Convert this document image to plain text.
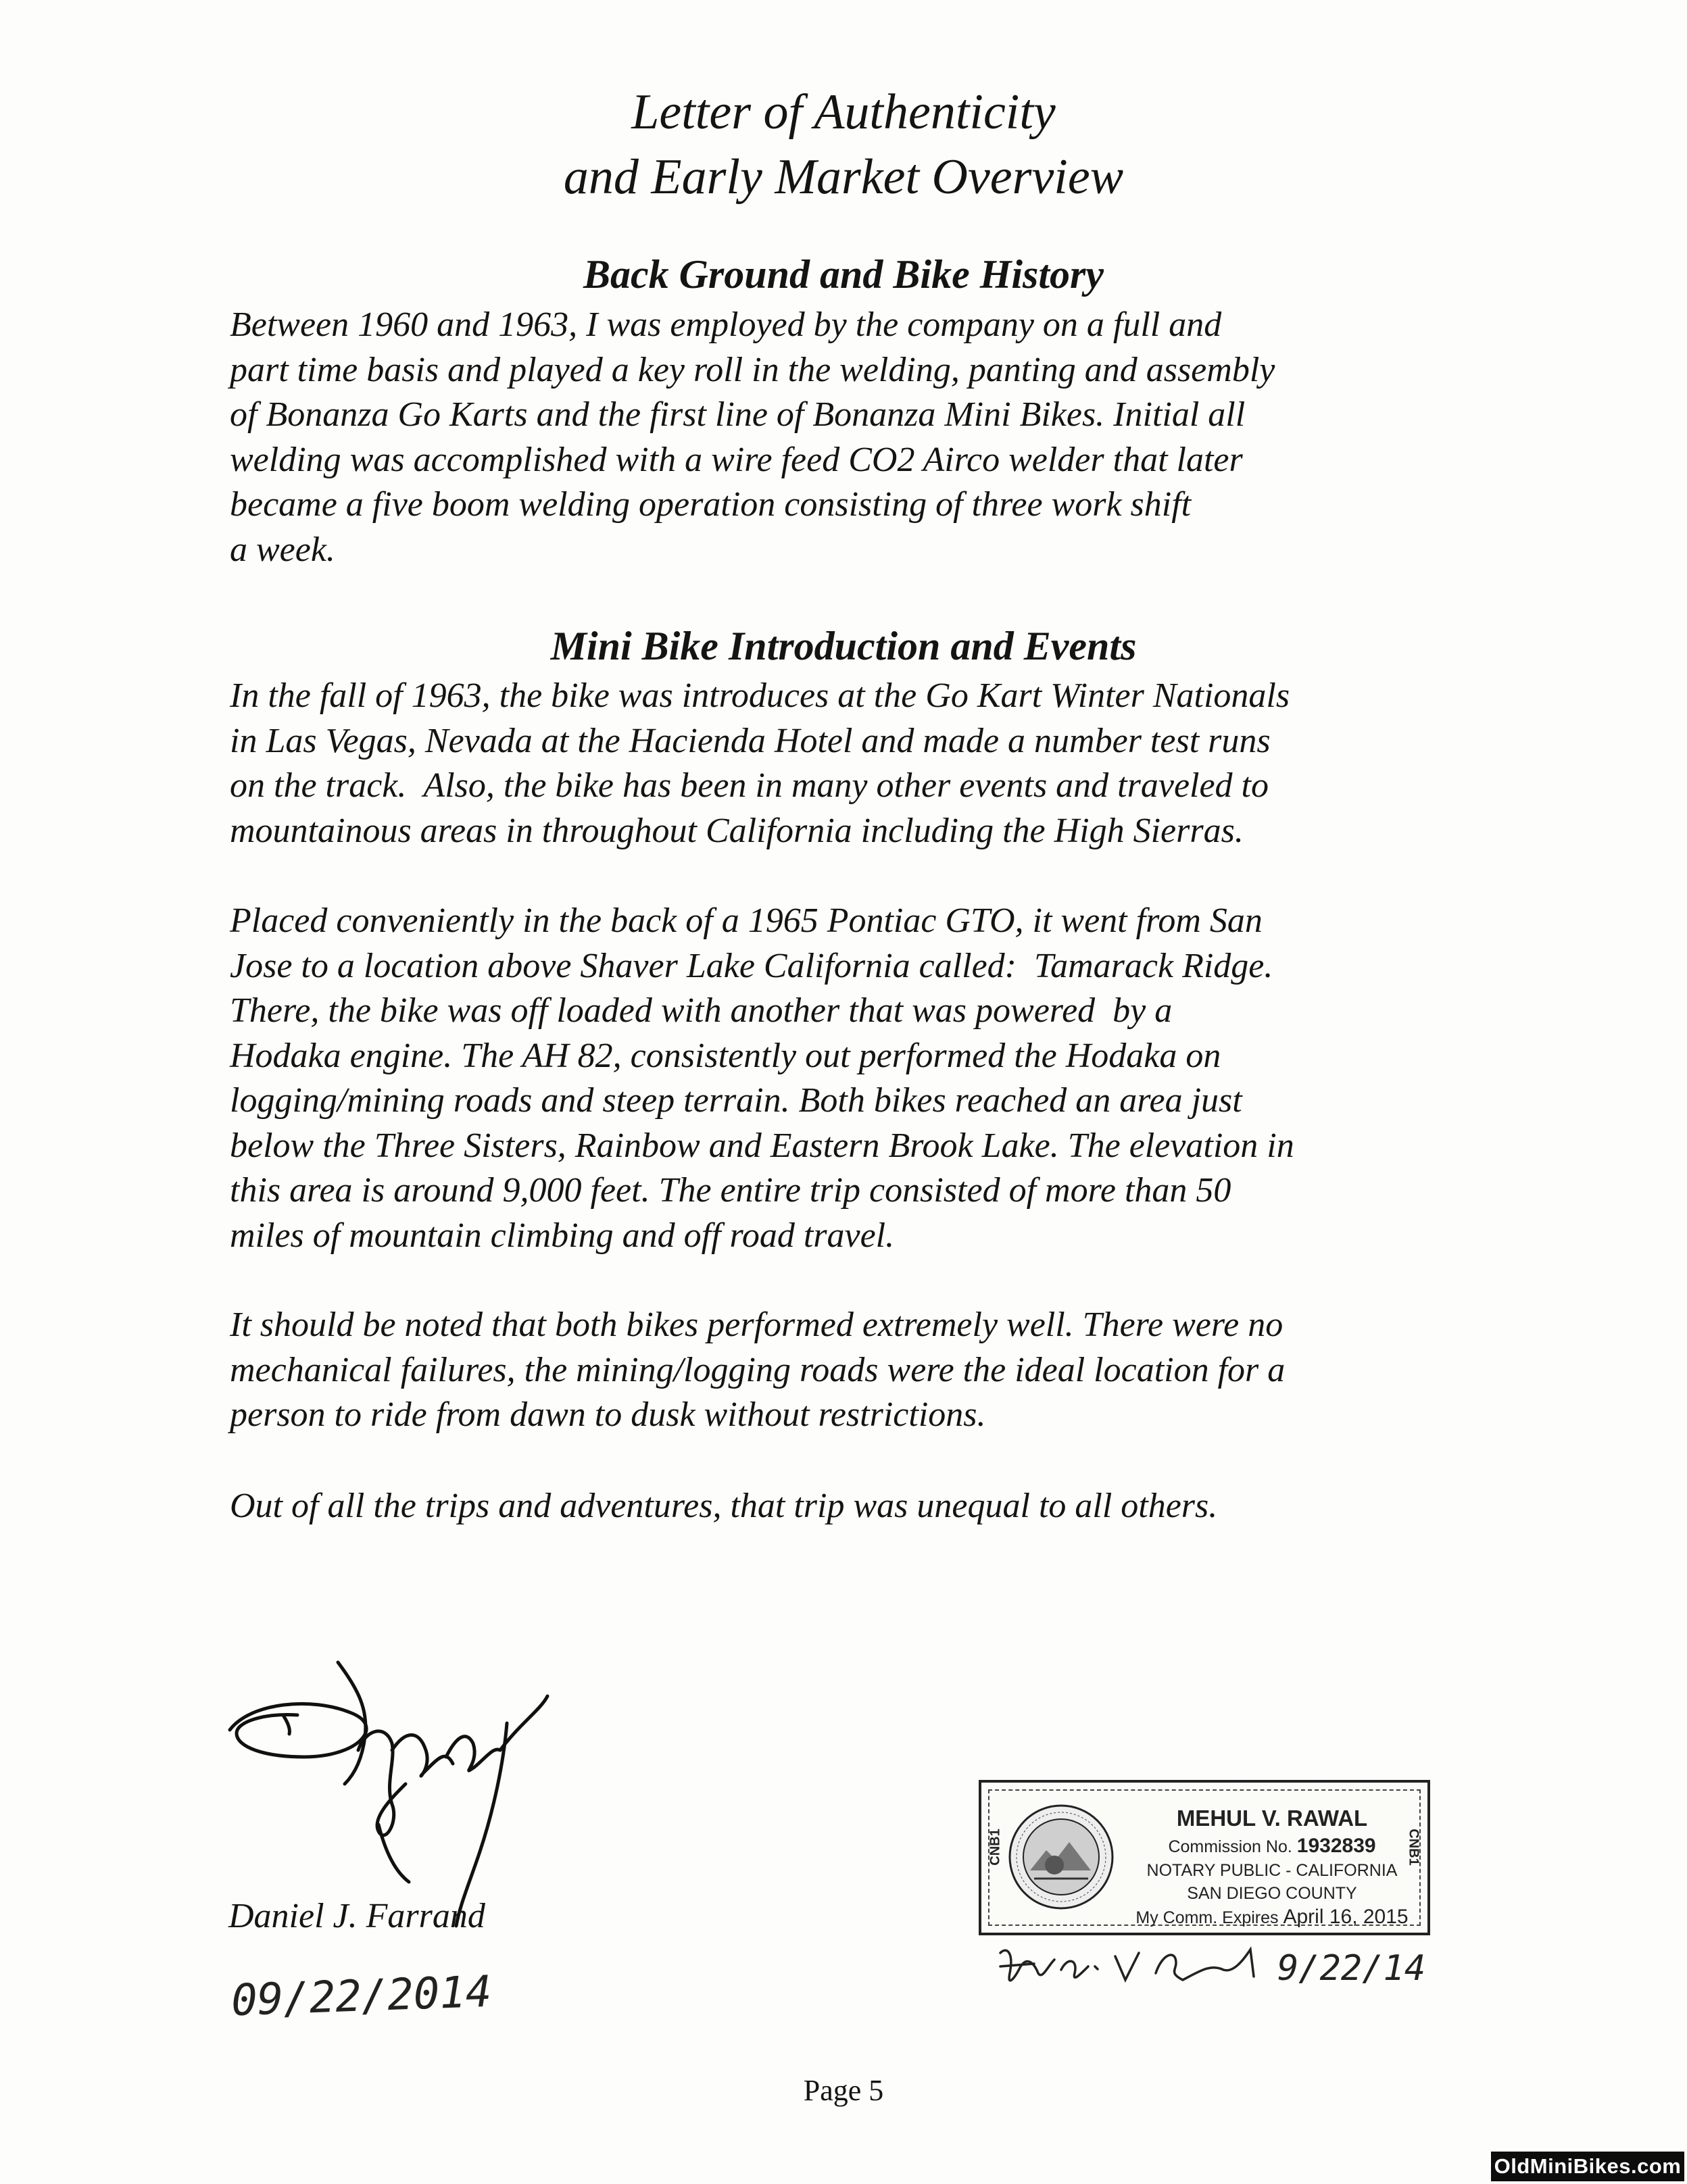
Letter of Authenticity
and Early Market Overview
Back Ground and Bike History
Between 1960 and 1963, I was employed by the company on a full and
part time basis and played a key roll in the welding, panting and assembly
of Bonanza Go Karts and the first line of Bonanza Mini Bikes. Initial all
welding was accomplished with a wire feed CO2 Airco welder that later
became a five boom welding operation consisting of three work shift
a week.
Mini Bike Introduction and Events
In the fall of 1963, the bike was introduces at the Go Kart Winter Nationals
in Las Vegas, Nevada at the Hacienda Hotel and made a number test runs
on the track.  Also, the bike has been in many other events and traveled to
mountainous areas in throughout California including the High Sierras.
Placed conveniently in the back of a 1965 Pontiac GTO, it went from San
Jose to a location above Shaver Lake California called:  Tamarack Ridge.
There, the bike was off loaded with another that was powered  by a
Hodaka engine. The AH 82, consistently out performed the Hodaka on
logging/mining roads and steep terrain. Both bikes reached an area just
below the Three Sisters, Rainbow and Eastern Brook Lake. The elevation in
this area is around 9,000 feet. The entire trip consisted of more than 50
miles of mountain climbing and off road travel.
It should be noted that both bikes performed extremely well. There were no
mechanical failures, the mining/logging roads were the ideal location for a
person to ride from dawn to dusk without restrictions.
Out of all the trips and adventures, that trip was unequal to all others.
Daniel J. Farrand
09/22/2014
CNB1	CNB1
MEHUL V. RAWAL
Commission No. 1932839
NOTARY PUBLIC - CALIFORNIA
SAN DIEGO COUNTY
My Comm. Expires April 16, 2015
9/22/14
Page 5
OldMiniBikes.com
